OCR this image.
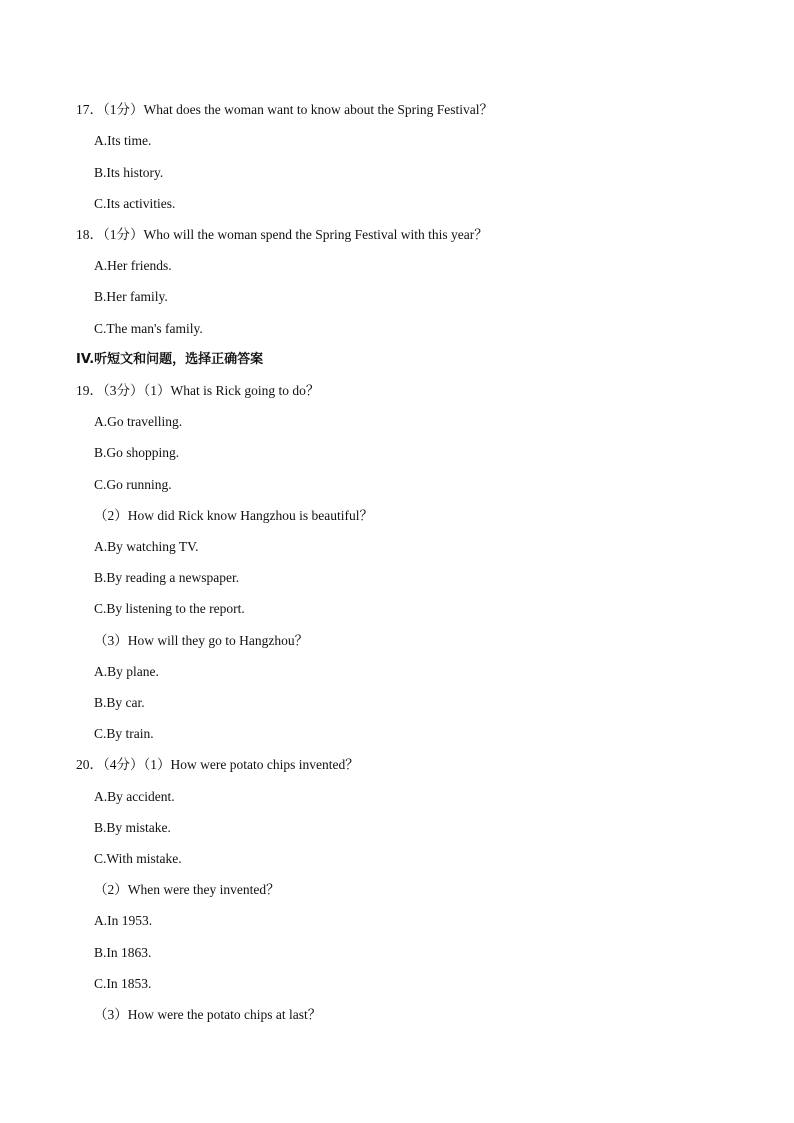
17．（1分）What does the woman want to know about the Spring Festival？
A.Its time.
B.Its history.
C.Its activities.
18．（1分）Who will the woman spend the Spring Festival with this year？
A.Her friends.
B.Her family.
C.The man's family.
IV.听短文和问题，选择正确答案
19．（3分）（1）What is Rick going to do？
A.Go travelling.
B.Go shopping.
C.Go running.
（2）How did Rick know Hangzhou is beautiful？
A.By watching TV.
B.By reading a newspaper.
C.By listening to the report.
（3）How will they go to Hangzhou？
A.By plane.
B.By car.
C.By train.
20．（4分）（1）How were potato chips invented？
A.By accident.
B.By mistake.
C.With mistake.
（2）When were they invented？
A.In 1953.
B.In 1863.
C.In 1853.
（3）How were the potato chips at last？
